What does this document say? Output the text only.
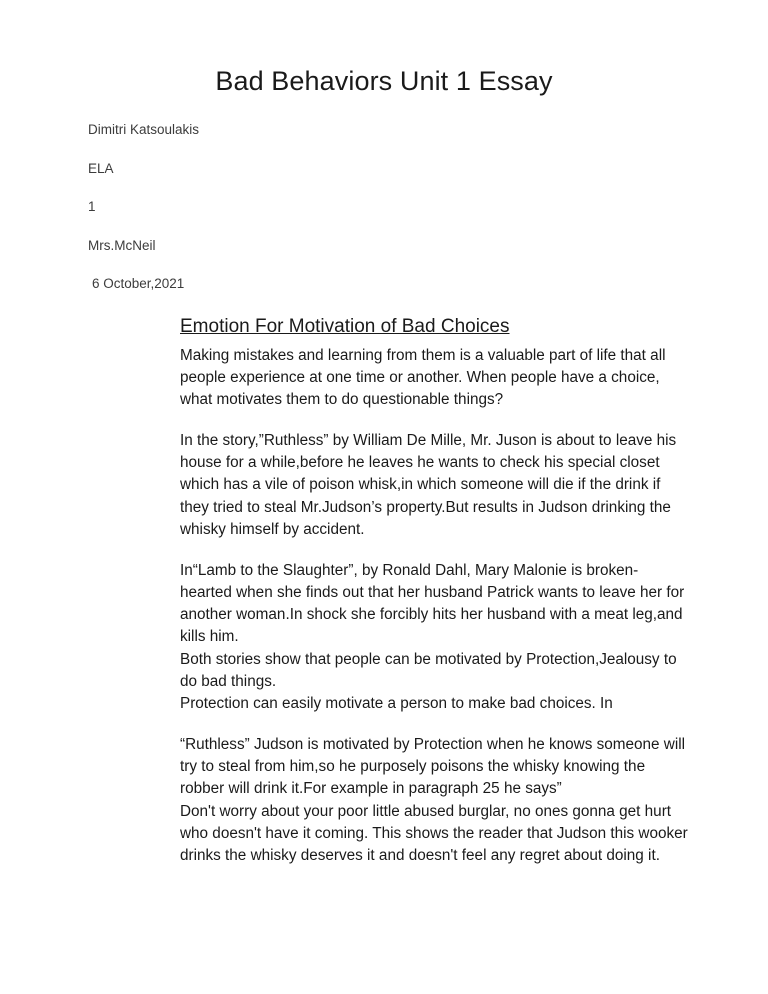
Bad Behaviors Unit 1 Essay
Dimitri Katsoulakis
ELA
1
Mrs.McNeil
6 October,2021
Emotion For Motivation of Bad Choices

Making mistakes and learning from them is a valuable part of life that all people experience at one time or another. When people have a choice, what motivates them to do questionable things?

In the story,”Ruthless” by William De Mille, Mr. Juson is about to leave his house for a while,before he leaves he wants to check his special closet which has a vile of poison whisk,in which someone will die if the drink if they tried to steal Mr.Judson’s property.But results in Judson drinking the whisky himself by accident.

In“Lamb to the Slaughter”, by Ronald Dahl, Mary Malonie is broken-hearted when she finds out that her husband Patrick wants to leave her for another woman.In shock she forcibly hits her husband with a meat leg,and kills him.

Both stories show that people can be motivated by Protection,Jealousy to do bad things.

Protection can easily motivate a person to make bad choices. In

“Ruthless” Judson is motivated by Protection when he knows someone will try to steal from him,so he purposely poisons the whisky knowing the robber will drink it.For example in paragraph 25 he says”

Don't worry about your poor little abused burglar, no ones gonna get hurt who doesn't have it coming. This shows the reader that Judson this wooker drinks the whisky deserves it and doesn't feel any regret about doing it.
